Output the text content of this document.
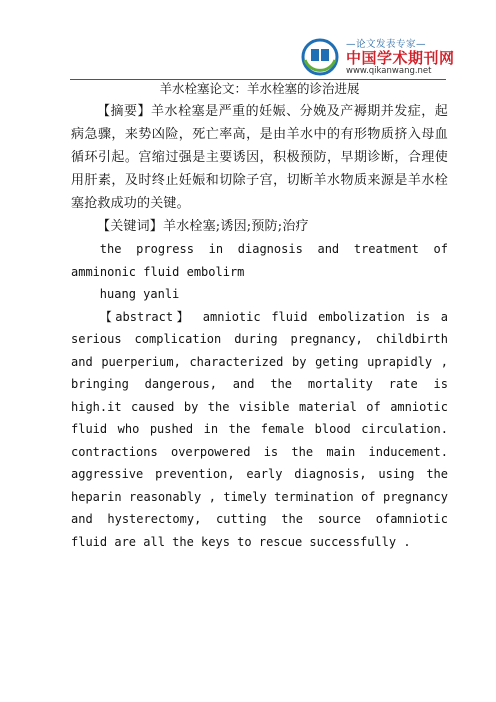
—论文发表专家—
中国学术期刊网
www.qikanwang.net

羊水栓塞论文：羊水栓塞的诊治进展

【摘要】羊水栓塞是严重的妊娠、分娩及产褥期并发症，起病急骤，来势凶险，死亡率高，是由羊水中的有形物质挤入母血循环引起。宫缩过强是主要诱因，积极预防，早期诊断，合理使用肝素，及时终止妊娠和切除子宫，切断羊水物质来源是羊水栓塞抢救成功的关键。

【关键词】羊水栓塞;诱因;预防;治疗

the progress in diagnosis and treatment of amminonic fluid embolirm

huang yanli

【abstract】 amniotic fluid embolization is a serious complication during pregnancy, childbirth and puerperium, characterized by geting uprapidly , bringing dangerous, and the mortality rate is high.it caused by the visible material of amniotic fluid who pushed in the female blood circulation. contractions overpowered is the main inducement. aggressive prevention, early diagnosis, using the heparin reasonably , timely termination of pregnancy and hysterectomy, cutting the source ofamniotic fluid are all the keys to rescue successfully .
